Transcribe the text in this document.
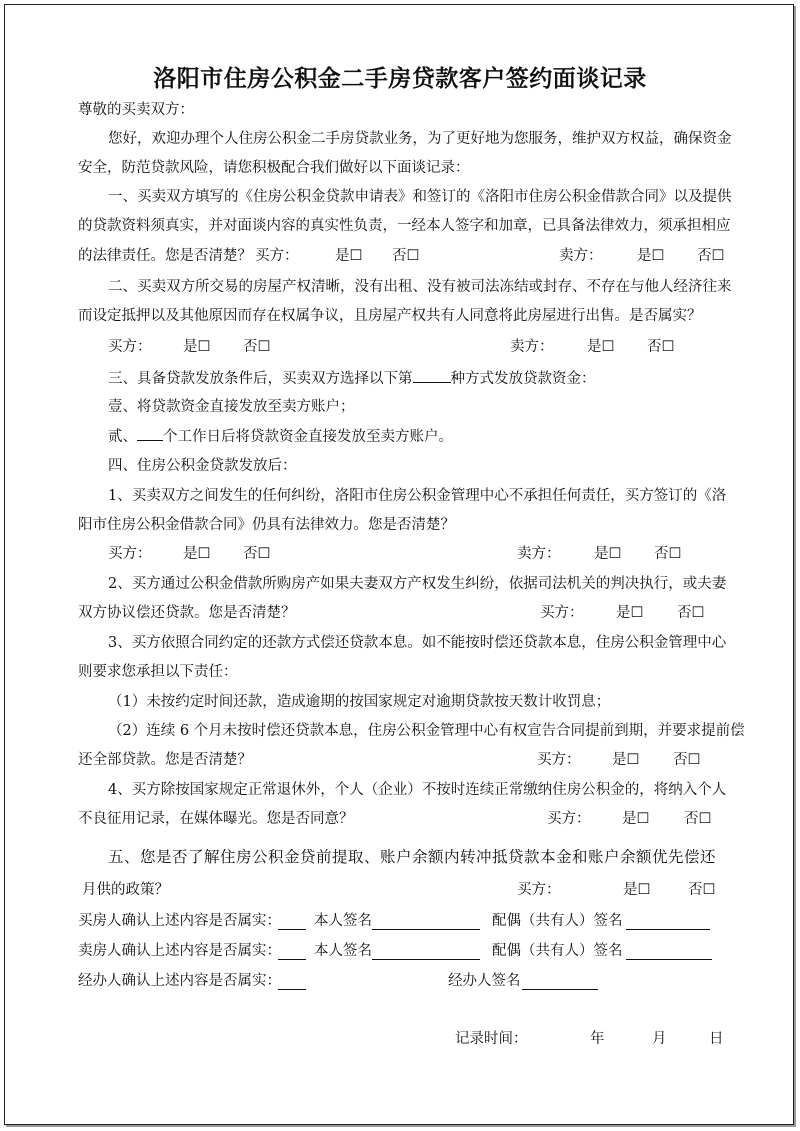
洛阳市住房公积金二手房贷款客户签约面谈记录
尊敬的买卖双方：
您好，欢迎办理个人住房公积金二手房贷款业务，为了更好地为您服务，维护双方权益，确保资金
安全，防范贷款风险，请您积极配合我们做好以下面谈记录：
一、买卖双方填写的《住房公积金贷款申请表》和签订的《洛阳市住房公积金借款合同》以及提供
的贷款资料须真实，并对面谈内容的真实性负责，一经本人签字和加章，已具备法律效力，须承担相应
的法律责任。您是否清楚？ 买方：	是☐ 否☐	卖方： 是☐ 否☐
二、买卖双方所交易的房屋产权清晰，没有出租、没有被司法冻结或封存、不存在与他人经济往来
而设定抵押以及其他原因而存在权属争议，且房屋产权共有人同意将此房屋进行出售。是否属实？
买方： 是☐ 否☐	卖方： 是☐ 否☐
三、具备贷款发放条件后，买卖双方选择以下第	种方式发放贷款资金：
壹、将贷款资金直接发放至卖方账户；
贰、 个工作日后将贷款资金直接发放至卖方账户。
四、住房公积金贷款发放后：
1、买卖双方之间发生的任何纠纷，洛阳市住房公积金管理中心不承担任何责任，买方签订的《洛
阳市住房公积金借款合同》仍具有法律效力。您是否清楚？
买方： 是☐ 否☐	卖方： 是☐ 否☐
2、买方通过公积金借款所购房产如果夫妻双方产权发生纠纷，依据司法机关的判决执行，或夫妻
双方协议偿还贷款。您是否清楚？	买方： 是☐ 否☐
3、买方依照合同约定的还款方式偿还贷款本息。如不能按时偿还贷款本息，住房公积金管理中心
则要求您承担以下责任：
（1）未按约定时间还款，造成逾期的按国家规定对逾期贷款按天数计收罚息；
（2）连续 6 个月未按时偿还贷款本息，住房公积金管理中心有权宣告合同提前到期，并要求提前偿
还全部贷款。您是否清楚？	买方： 是☐ 否☐
4、买方除按国家规定正常退休外，个人（企业）不按时连续正常缴纳住房公积金的，将纳入个人
不良征用记录，在媒体曝光。您是否同意？	买方： 是☐ 否☐
五、您是否了解住房公积金贷前提取、账户余额内转冲抵贷款本金和账户余额优先偿还
月供的政策？	买方：	是☐	否☐
买房人确认上述内容是否属实： 本人签名	配偶（共有人）签名
卖房人确认上述内容是否属实： 本人签名	配偶（共有人）签名
经办人确认上述内容是否属实：	经办人签名
记录时间：	年	月	日
